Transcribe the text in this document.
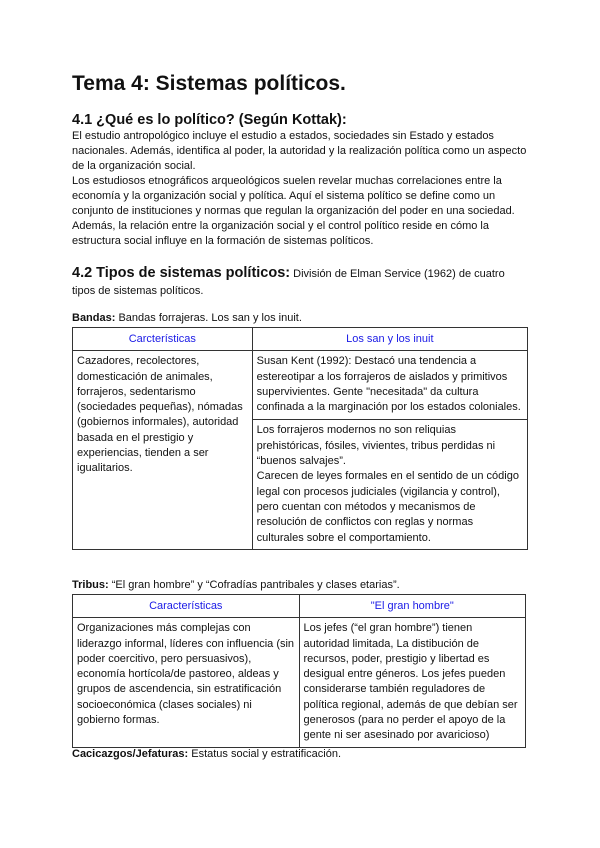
Tema 4: Sistemas políticos.
4.1 ¿Qué es lo político? (Según Kottak):

El estudio antropológico incluye el estudio a estados, sociedades sin Estado y estados nacionales. Además, identifica al poder, la autoridad y la realización política como un aspecto de la organización social.

Los estudiosos etnográficos arqueológicos suelen revelar muchas correlaciones entre la economía y la organización social y política. Aquí el sistema político se define como un conjunto de instituciones y normas que regulan la organización del poder en una sociedad. Además, la relación entre la organización social y el control político reside en cómo la estructura social influye en la formación de sistemas políticos.

4.2 Tipos de sistemas políticos: División de Elman Service (1962) de cuatro tipos de sistemas políticos.
Bandas: Bandas forrajeras. Los san y los inuit.
Carcterísticas	Los san y los inuit
Cazadores, recolectores, domesticación de animales, forrajeros, sedentarismo (sociedades pequeñas), nómadas (gobiernos informales), autoridad basada en el prestigio y experiencias, tienden a ser igualitarios.	Susan Kent (1992): Destacó una tendencia a estereotipar a los forrajeros de aislados y primitivos supervivientes. Gente "necesitada" da cultura confinada a la marginación por los estados coloniales.

	Los forrajeros modernos no son reliquias prehistóricas, fósiles, vivientes, tribus perdidas ni “buenos salvajes”.
Carecen de leyes formales en el sentido de un código legal con procesos judiciales (vigilancia y control), pero cuentan con métodos y mecanismos de resolución de conflictos con reglas y normas culturales sobre el comportamiento.
Tribus: “El gran hombre” y “Cofradías pantribales y clases etarias”.
Características	"El gran hombre"
Organizaciones más complejas con liderazgo informal, líderes con influencia (sin poder coercitivo, pero persuasivos), economía hortícola/de pastoreo, aldeas y grupos de ascendencia, sin estratificación socioeconómica (clases sociales) ni gobierno formas.	Los jefes (“el gran hombre”) tienen autoridad limitada, La distibución de recursos, poder, prestigio y libertad es desigual entre géneros. Los jefes pueden considerarse también reguladores de política regional, además de que debían ser generosos (para no perder el apoyo de la gente ni ser asesinado por avaricioso)
Cacicazgos/Jefaturas: Estatus social y estratificación.
